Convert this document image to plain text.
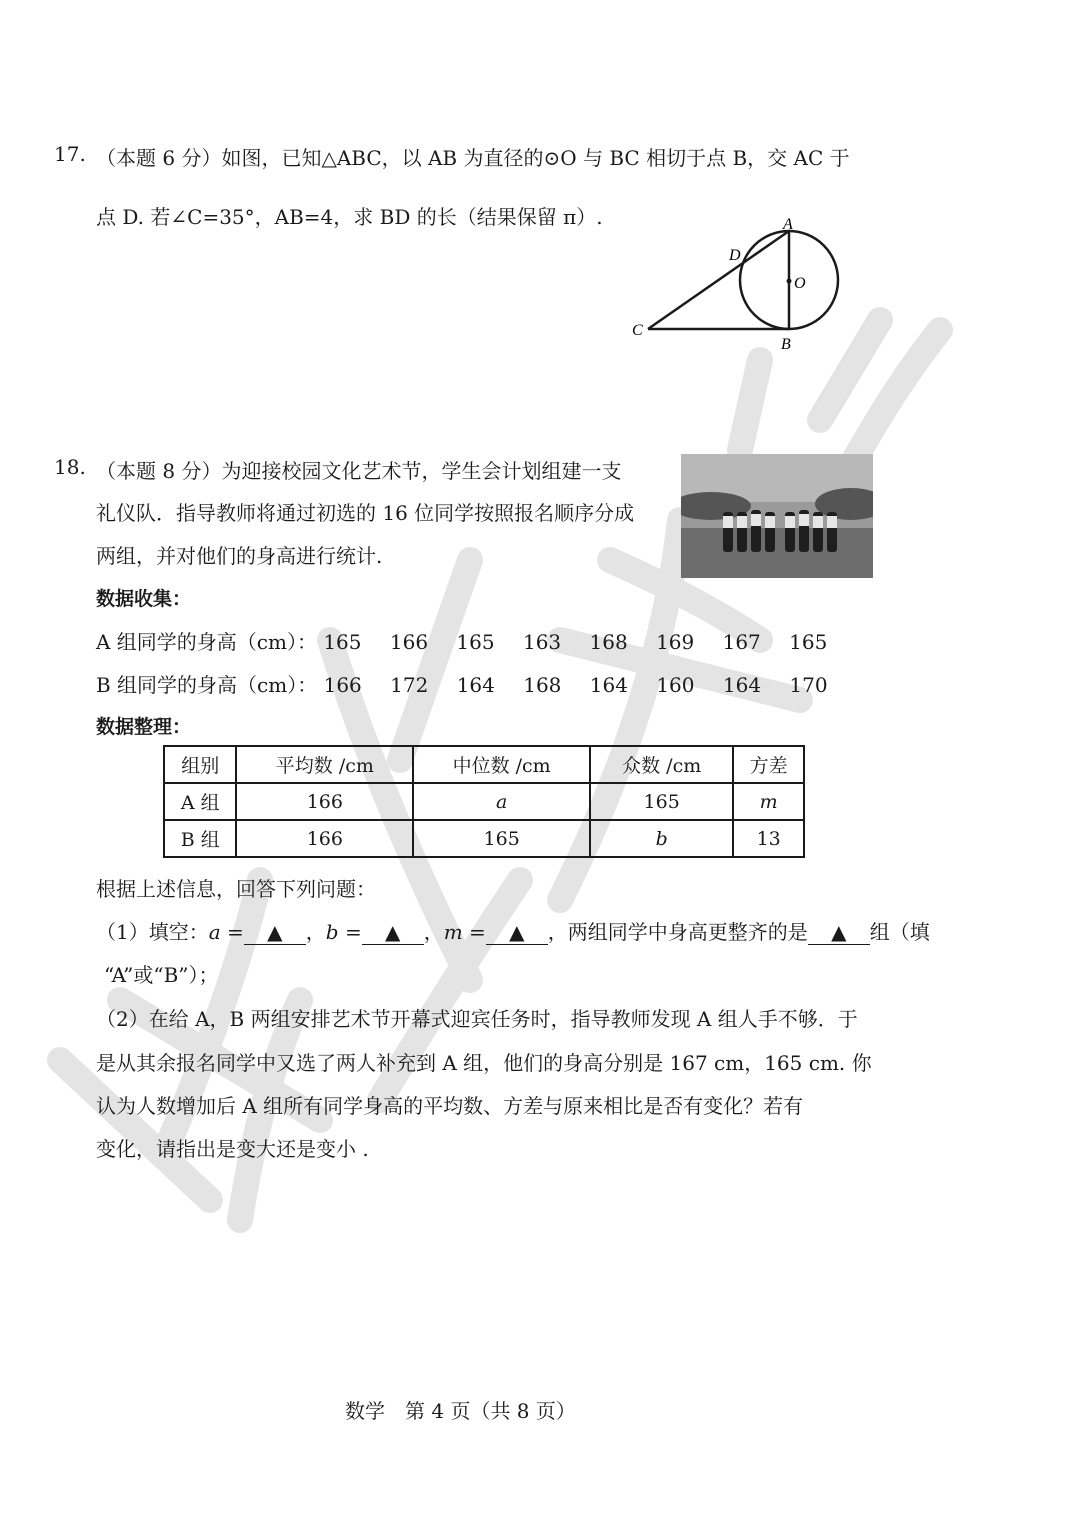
17. （本题 6 分）如图，已知△ABC，以 AB 为直径的⊙O 与 BC 相切于点 B，交 AC 于
点 D. 若∠C=35°，AB=4，求 BD 的长（结果保留 π）.	A
B
C
D
O
18. （本题 8 分）为迎接校园文化艺术节，学生会计划组建一支
礼仪队．指导教师将通过初选的 16 位同学按照报名顺序分成
两组，并对他们的身高进行统计.
数据收集：
A 组同学的身高（cm）： 165 166 165 163 168 169 167 165
B 组同学的身高（cm）： 166 172 164 168 164 160 164 170
数据整理：
组别	平均数 /cm	中位数 /cm	众数 /cm	方差
A 组	166	a	165	m
B 组	166	165	b	13
根据上述信息，回答下列问题：
（1）填空：a = ▲ ，b = ▲ ，m = ▲ ，两组同学中身高更整齐的是 ▲ 组（填
“A”或“B”）；
（2）在给 A，B 两组安排艺术节开幕式迎宾任务时，指导教师发现 A 组人手不够．于
是从其余报名同学中又选了两人补充到 A 组，他们的身高分别是 167 cm，165 cm. 你
认为人数增加后 A 组所有同学身高的平均数、方差与原来相比是否有变化？若有
变化，请指出是变大还是变小 .
数学　第 4 页（共 8 页）
